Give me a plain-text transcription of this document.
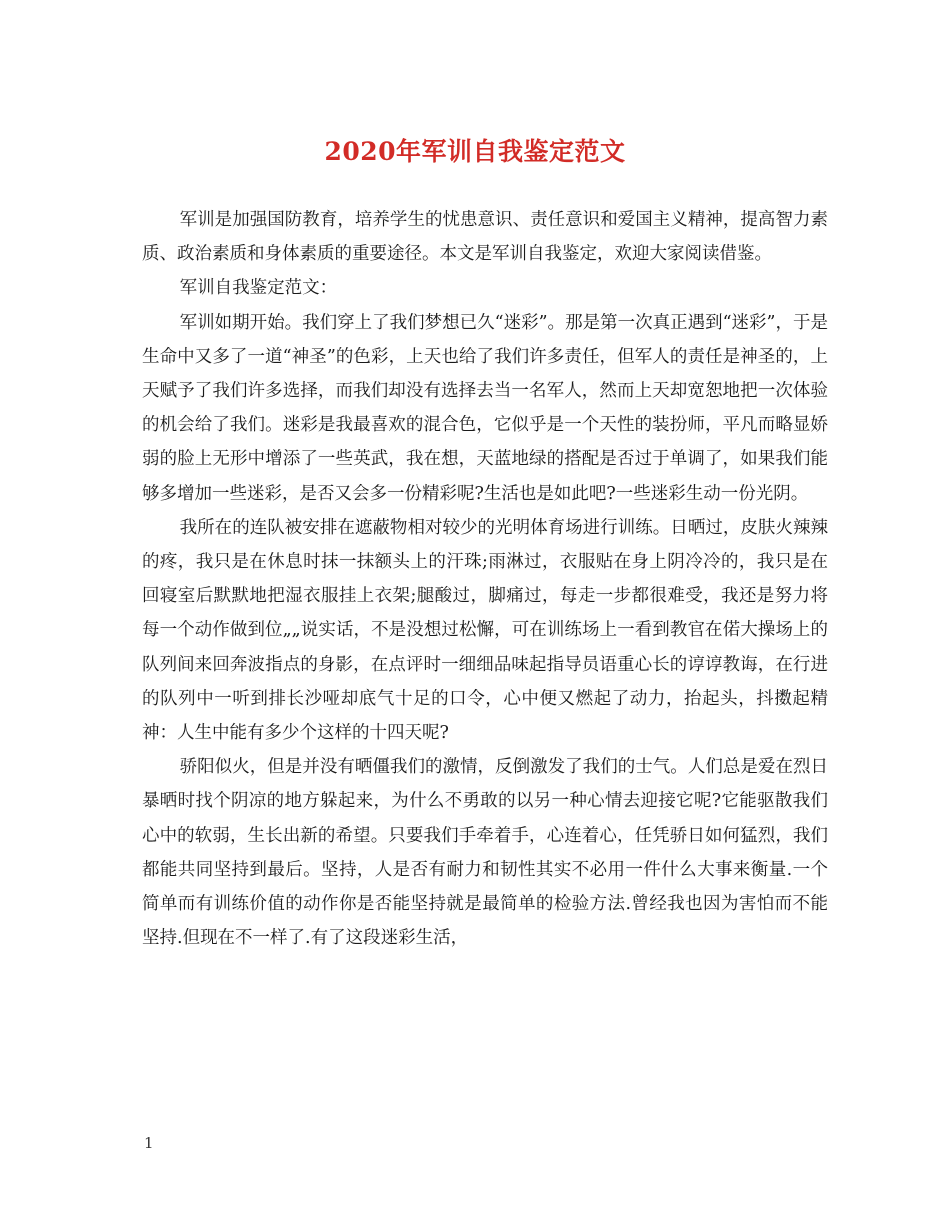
2020年军训自我鉴定范文

军训是加强国防教育，培养学生的忧患意识、责任意识和爱国主义精神，提高智力素质、政治素质和身体素质的重要途径。本文是军训自我鉴定，欢迎大家阅读借鉴。

军训自我鉴定范文：

军训如期开始。我们穿上了我们梦想已久“迷彩”。那是第一次真正遇到“迷彩”，于是生命中又多了一道“神圣”的色彩，上天也给了我们许多责任，但军人的责任是神圣的，上天赋予了我们许多选择，而我们却没有选择去当一名军人，然而上天却宽恕地把一次体验的机会给了我们。迷彩是我最喜欢的混合色，它似乎是一个天性的装扮师，平凡而略显娇弱的脸上无形中增添了一些英武，我在想，天蓝地绿的搭配是否过于单调了，如果我们能够多增加一些迷彩，是否又会多一份精彩呢?生活也是如此吧?一些迷彩生动一份光阴。

我所在的连队被安排在遮蔽物相对较少的光明体育场进行训练。日晒过，皮肤火辣辣的疼，我只是在休息时抹一抹额头上的汗珠;雨淋过，衣服贴在身上阴冷冷的，我只是在回寝室后默默地把湿衣服挂上衣架;腿酸过，脚痛过，每走一步都很难受，我还是努力将每一个动作做到位„„说实话，不是没想过松懈，可在训练场上一看到教官在偌大操场上的队列间来回奔波指点的身影，在点评时一细细品味起指导员语重心长的谆谆教诲，在行进的队列中一听到排长沙哑却底气十足的口令，心中便又燃起了动力，抬起头，抖擞起精神：人生中能有多少个这样的十四天呢?

骄阳似火，但是并没有晒僵我们的激情，反倒激发了我们的士气。人们总是爱在烈日暴晒时找个阴凉的地方躲起来，为什么不勇敢的以另一种心情去迎接它呢?它能驱散我们心中的软弱，生长出新的希望。只要我们手牵着手，心连着心，任凭骄日如何猛烈，我们都能共同坚持到最后。坚持，人是否有耐力和韧性其实不必用一件什么大事来衡量.一个简单而有训练价值的动作你是否能坚持就是最简单的检验方法.曾经我也因为害怕而不能坚持.但现在不一样了.有了这段迷彩生活，

1
